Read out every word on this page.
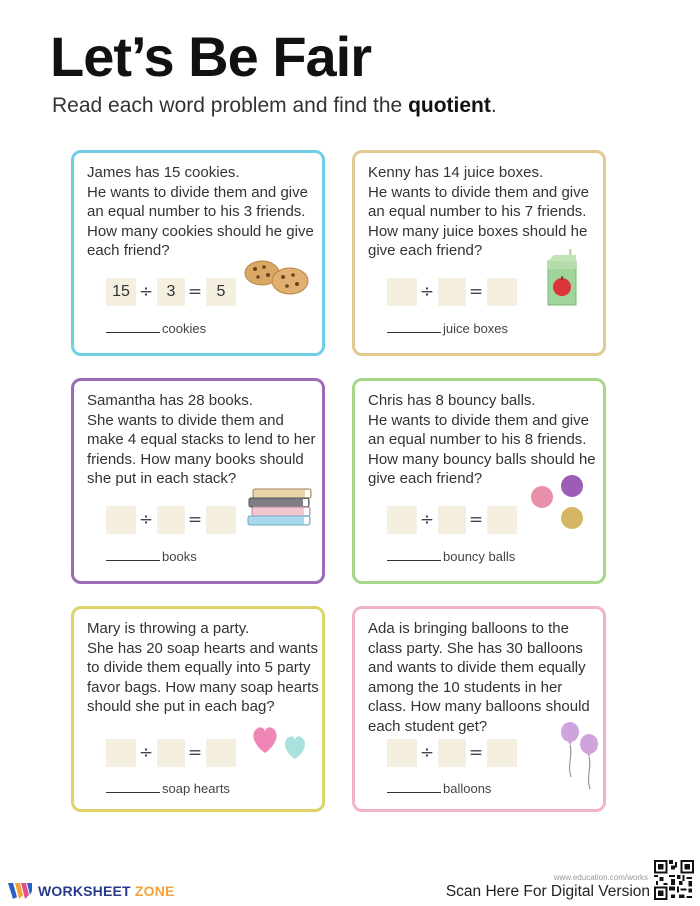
Let’s Be Fair

Read each word problem and find the quotient.

James has 15 cookies.
He wants to divide them and give an equal number to his 3 friends. How many cookies should he give each friend?

15 ÷ 3 = 5
cookies

Kenny has 14 juice boxes.
He wants to divide them and give an equal number to his 7 friends. How many juice boxes should he give each friend?

÷ =
juice boxes

Samantha has 28 books.
She wants to divide them and make 4 equal stacks to lend to her friends. How many books should she put in each stack?

÷ =
books

Chris has 8 bouncy balls.
He wants to divide them and give an equal number to his 8 friends. How many bouncy balls should he give each friend?

÷ =
bouncy balls

Mary is throwing a party.
She has 20 soap hearts and wants to divide them equally into 5 party favor bags. How many soap hearts should she put in each bag?

÷ =
soap hearts

Ada is bringing balloons to the class party. She has 30 balloons and wants to divide them equally among the 10 students in her class. How many balloons should each student get?

÷ =
balloons
WORKSHEET ZONE
www.education.com/works
Scan Here For Digital Version
